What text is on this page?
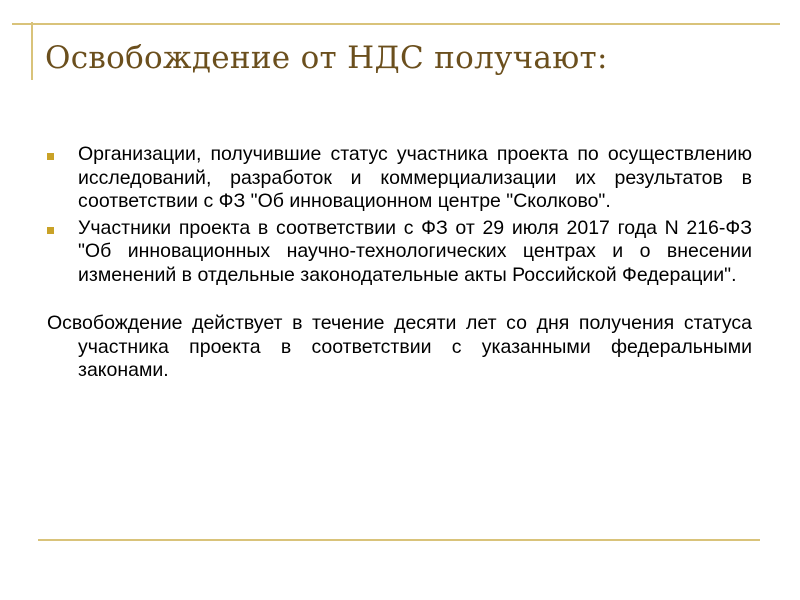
Освобождение от НДС получают:
Организации, получившие статус участника проекта по осуществлению исследований, разработок и коммерциализации их результатов в соответствии с ФЗ "Об инновационном центре "Сколково".
Участники проекта в соответствии с ФЗ от 29 июля 2017 года N 216-ФЗ "Об инновационных научно-технологических центрах и о внесении изменений в отдельные законодательные акты Российской Федерации".

Освобождение действует в течение десяти лет со дня получения статуса участника проекта в соответствии с указанными федеральными законами.
